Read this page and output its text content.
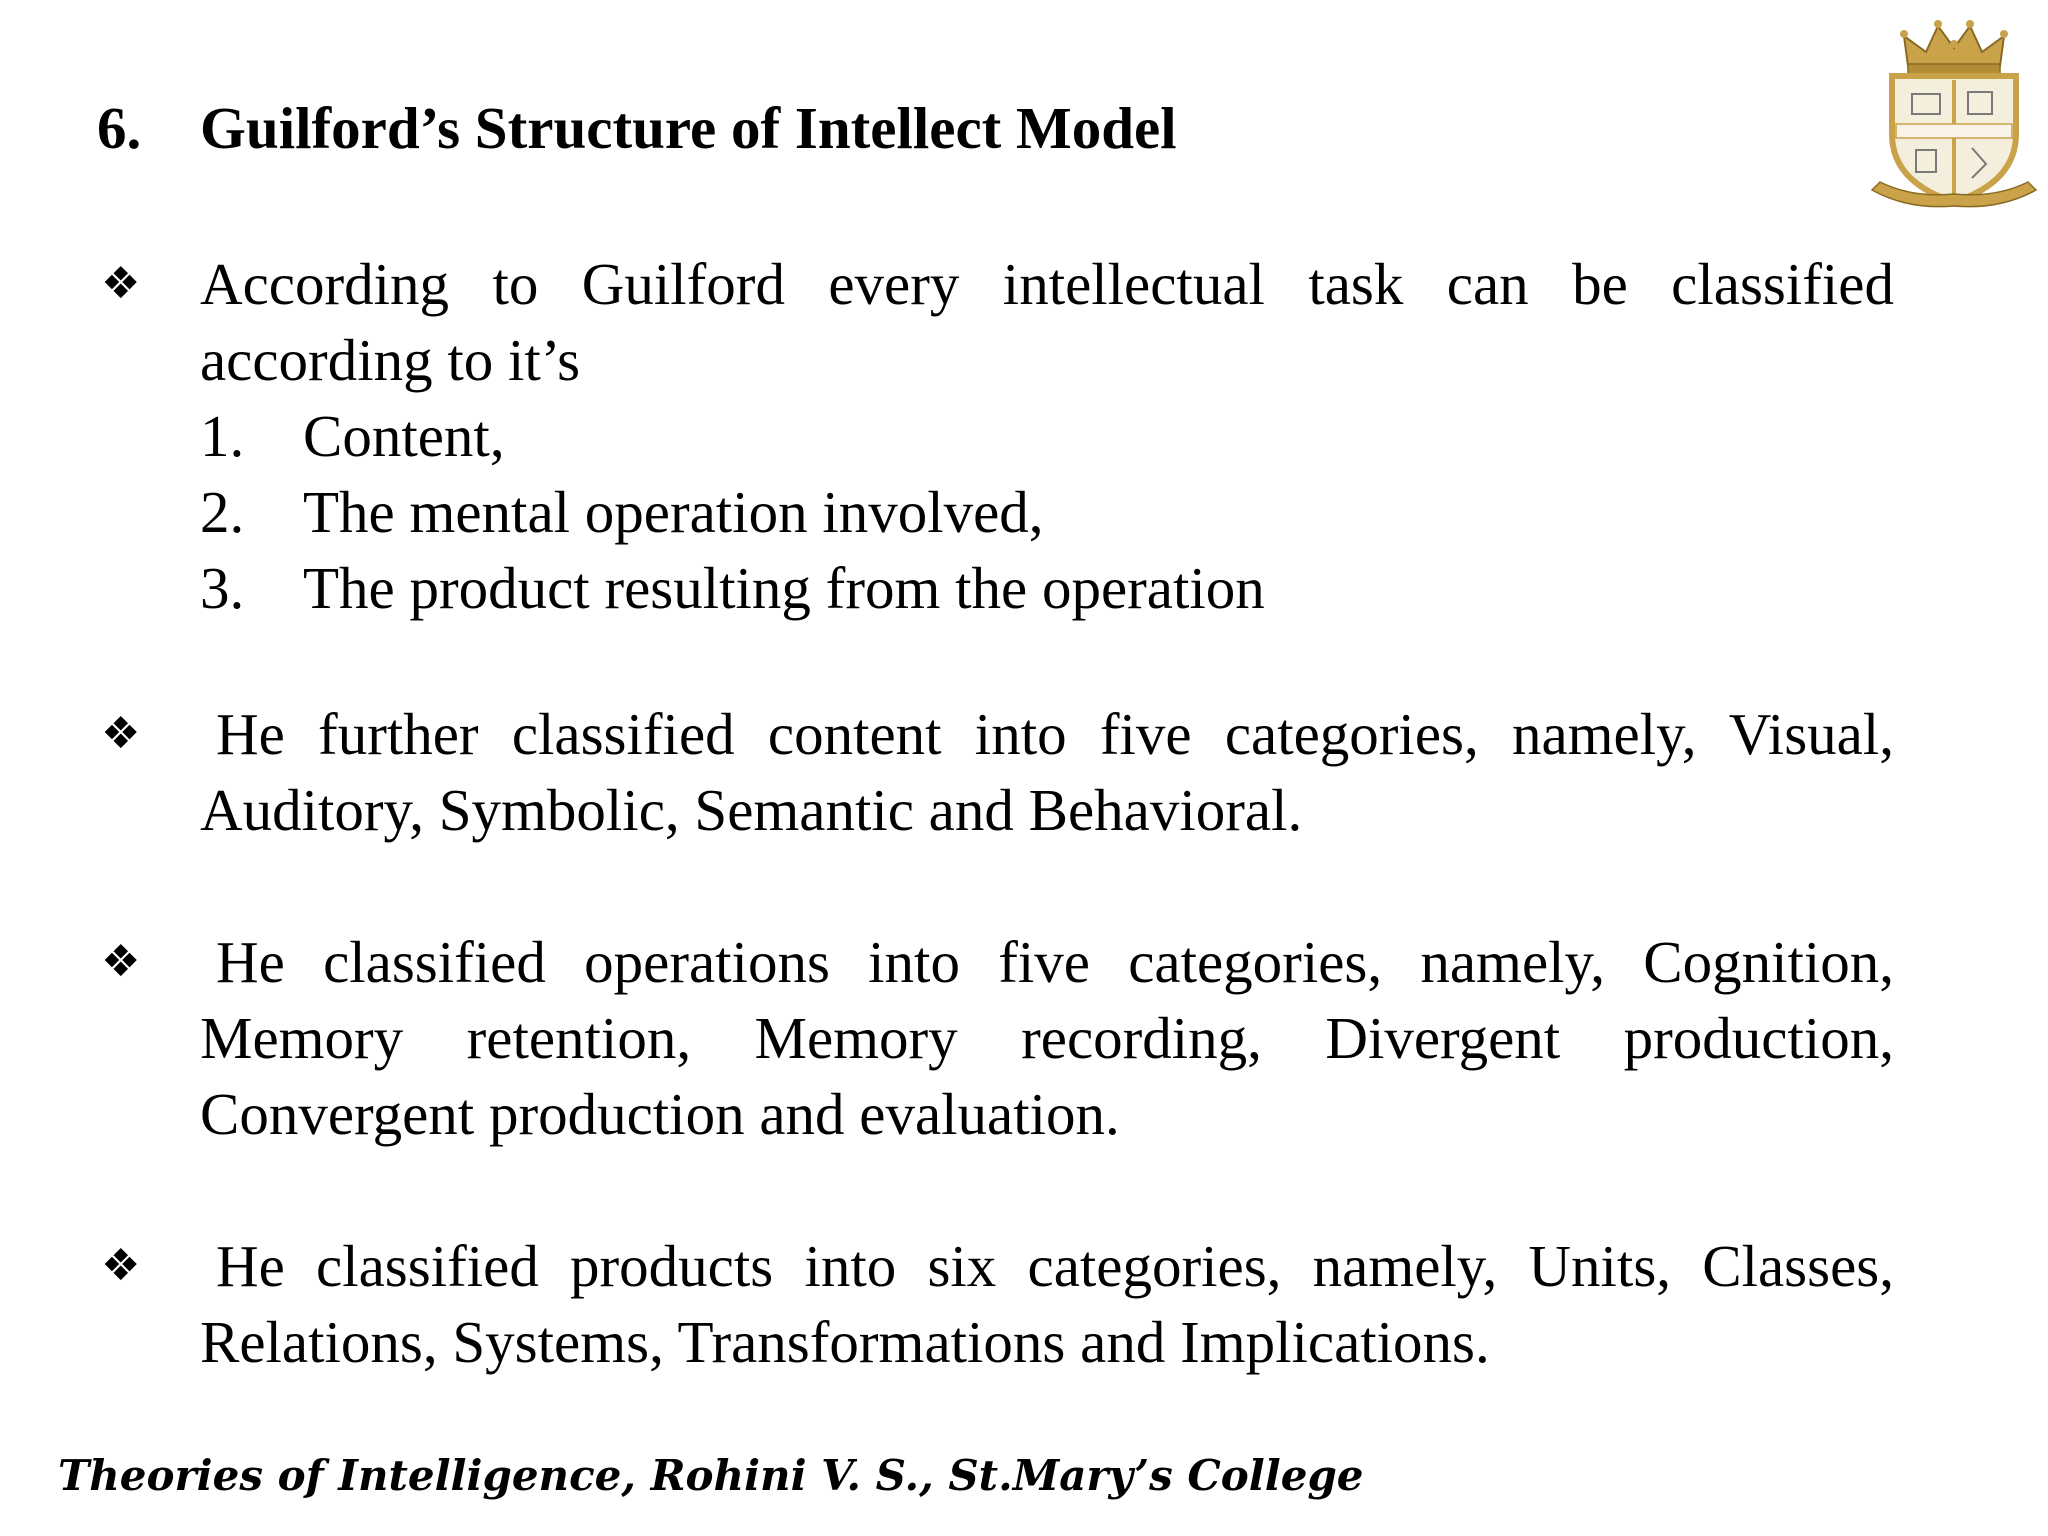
6. Guilford’s Structure of Intellect Model
❖ According to Guilford every intellectual task can be classified according to it’s
1. Content,
2. The mental operation involved,
3. The product resulting from the operation
❖ He further classified content into five categories, namely, Visual, Auditory, Symbolic, Semantic and Behavioral.
❖ He classified operations into five categories, namely, Cognition, Memory retention, Memory recording, Divergent production, Convergent production and evaluation.
❖ He classified products into six categories, namely, Units, Classes, Relations, Systems, Transformations and Implications.
Theories of Intelligence, Rohini V. S., St.Mary’s College
